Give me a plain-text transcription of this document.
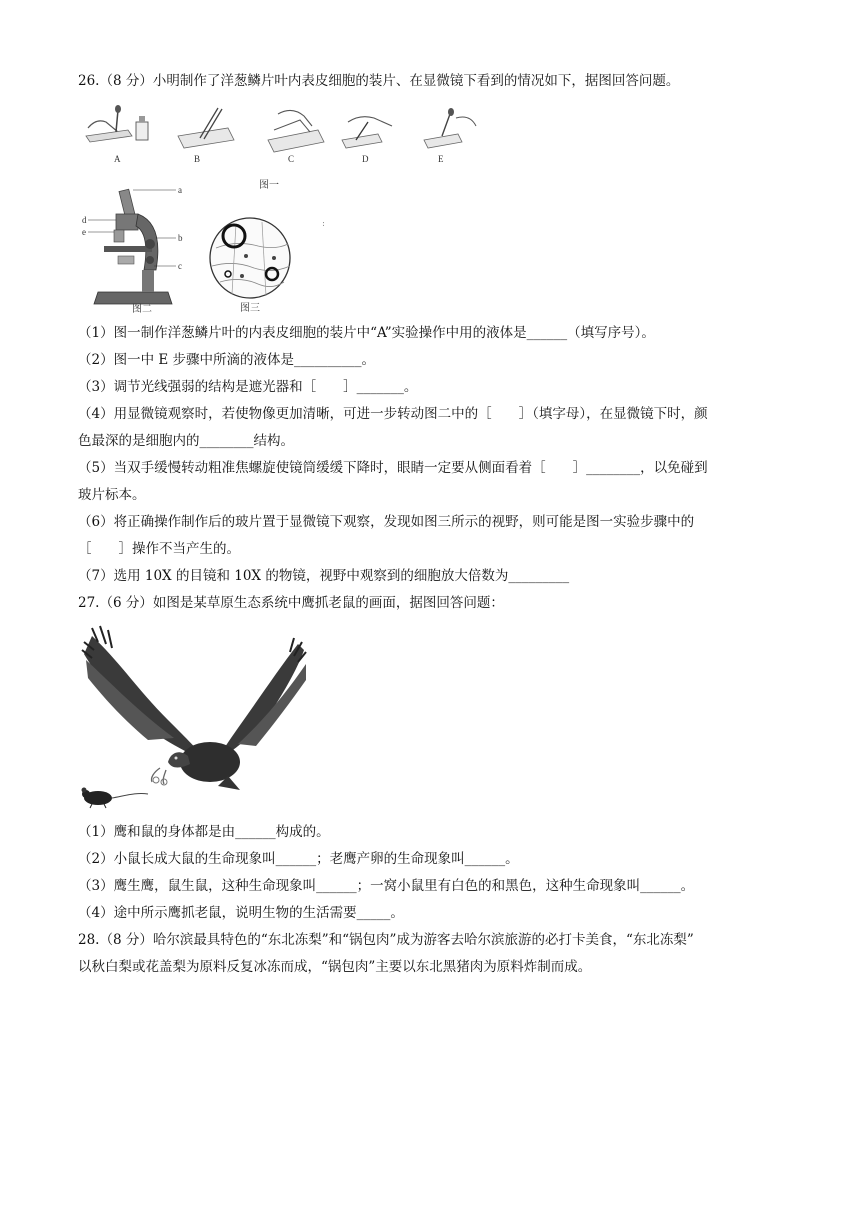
26.（8 分）小明制作了洋葱鳞片叶内表皮细胞的装片、在显微镜下看到的情况如下，据图回答问题。
A	B	C	D	E
图一
a
b
c
d
e
图二	图三
ː
（1）图一制作洋葱鳞片叶的内表皮细胞的装片中“A”实验操作中用的液体是______（填写序号）。
（2）图一中 E 步骤中所滴的液体是__________。
（3）调节光线强弱的结构是遮光器和［　　］_______。
（4）用显微镜观察时，若使物像更加清晰，可进一步转动图二中的［　　］（填字母），在显微镜下时，颜
色最深的是细胞内的________结构。
（5）当双手缓慢转动粗准焦螺旋使镜筒缓缓下降时，眼睛一定要从侧面看着［　　］________，以免碰到
玻片标本。
（6）将正确操作制作后的玻片置于显微镜下观察，发现如图三所示的视野，则可能是图一实验步骤中的
［　　］操作不当产生的。
（7）选用 10X 的目镜和 10X 的物镜，视野中观察到的细胞放大倍数为_________
27.（6 分）如图是某草原生态系统中鹰抓老鼠的画面，据图回答问题：
（1）鹰和鼠的身体都是由______构成的。
（2）小鼠长成大鼠的生命现象叫______；老鹰产卵的生命现象叫______。
（3）鹰生鹰，鼠生鼠，这种生命现象叫______；一窝小鼠里有白色的和黑色，这种生命现象叫______。
（4）途中所示鹰抓老鼠，说明生物的生活需要_____。
28.（8 分）哈尔滨最具特色的“东北冻梨”和“锅包肉”成为游客去哈尔滨旅游的必打卡美食，“东北冻梨”
以秋白梨或花盖梨为原料反复冰冻而成，“锅包肉”主要以东北黑猪肉为原料炸制而成。
